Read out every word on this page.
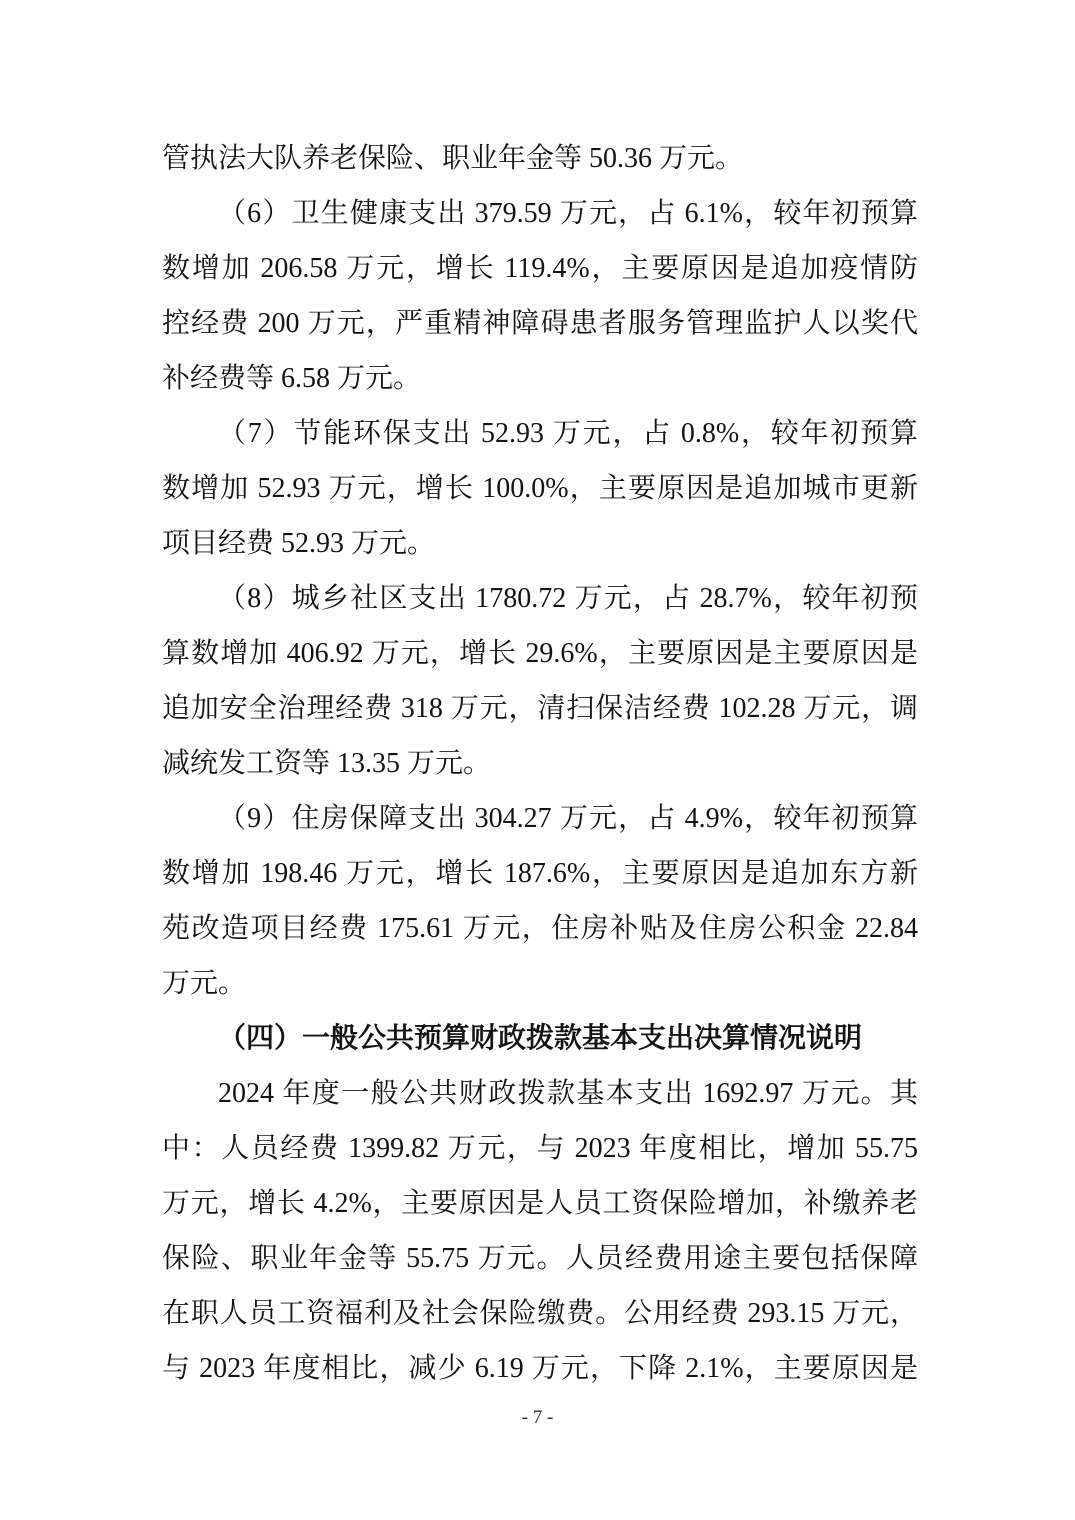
管执法大队养老保险、职业年金等 50.36 万元。
（6）卫生健康支出 379.59 万元，占 6.1%，较年初预算
数增加 206.58 万元，增长 119.4%，主要原因是追加疫情防
控经费 200 万元，严重精神障碍患者服务管理监护人以奖代
补经费等 6.58 万元。
（7）节能环保支出 52.93 万元，占 0.8%，较年初预算
数增加 52.93 万元，增长 100.0%，主要原因是追加城市更新
项目经费 52.93 万元。
（8）城乡社区支出 1780.72 万元，占 28.7%，较年初预
算数增加 406.92 万元，增长 29.6%，主要原因是主要原因是
追加安全治理经费 318 万元，清扫保洁经费 102.28 万元，调
减统发工资等 13.35 万元。
（9）住房保障支出 304.27 万元，占 4.9%，较年初预算
数增加 198.46 万元，增长 187.6%，主要原因是追加东方新
苑改造项目经费 175.61 万元，住房补贴及住房公积金 22.84
万元。
（四）一般公共预算财政拨款基本支出决算情况说明
2024 年度一般公共财政拨款基本支出 1692.97 万元。其
中：人员经费 1399.82 万元，与 2023 年度相比，增加 55.75
万元，增长 4.2%，主要原因是人员工资保险增加，补缴养老
保险、职业年金等 55.75 万元。人员经费用途主要包括保障
在职人员工资福利及社会保险缴费。公用经费 293.15 万元，
与 2023 年度相比，减少 6.19 万元，下降 2.1%，主要原因是
- 7 -
